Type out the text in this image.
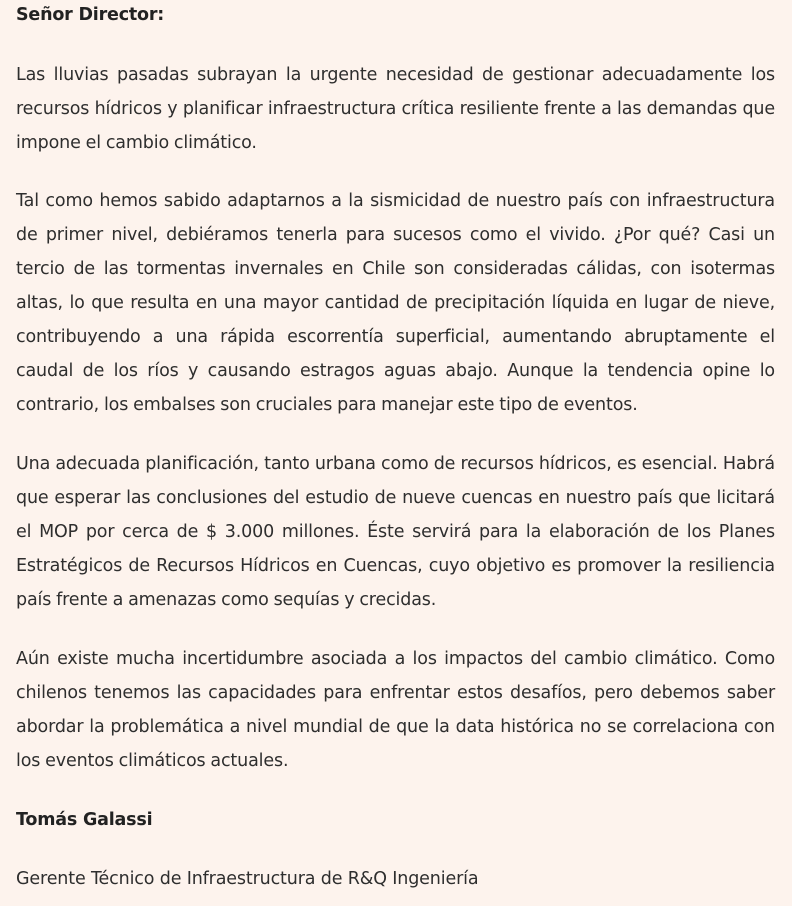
Señor Director:

Las lluvias pasadas subrayan la urgente necesidad de gestionar adecuadamente los recursos hídricos y planificar infraestructura crítica resiliente frente a las demandas que impone el cambio climático.

Tal como hemos sabido adaptarnos a la sismicidad de nuestro país con infraestructura de primer nivel, debiéramos tenerla para sucesos como el vivido. ¿Por qué? Casi un tercio de las tormentas invernales en Chile son consideradas cálidas, con isotermas altas, lo que resulta en una mayor cantidad de precipitación líquida en lugar de nieve, contribuyendo a una rápida escorrentía superficial, aumentando abruptamente el caudal de los ríos y causando estragos aguas abajo. Aunque la tendencia opine lo contrario, los embalses son cruciales para manejar este tipo de eventos.

Una adecuada planificación, tanto urbana como de recursos hídricos, es esencial. Habrá que esperar las conclusiones del estudio de nueve cuencas en nuestro país que licitará el MOP por cerca de $ 3.000 millones. Éste servirá para la elaboración de los Planes Estratégicos de Recursos Hídricos en Cuencas, cuyo objetivo es promover la resiliencia país frente a amenazas como sequías y crecidas.

Aún existe mucha incertidumbre asociada a los impactos del cambio climático. Como chilenos tenemos las capacidades para enfrentar estos desafíos, pero debemos saber abordar la problemática a nivel mundial de que la data histórica no se correlaciona con los eventos climáticos actuales.

Tomás Galassi

Gerente Técnico de Infraestructura de R&Q Ingeniería
